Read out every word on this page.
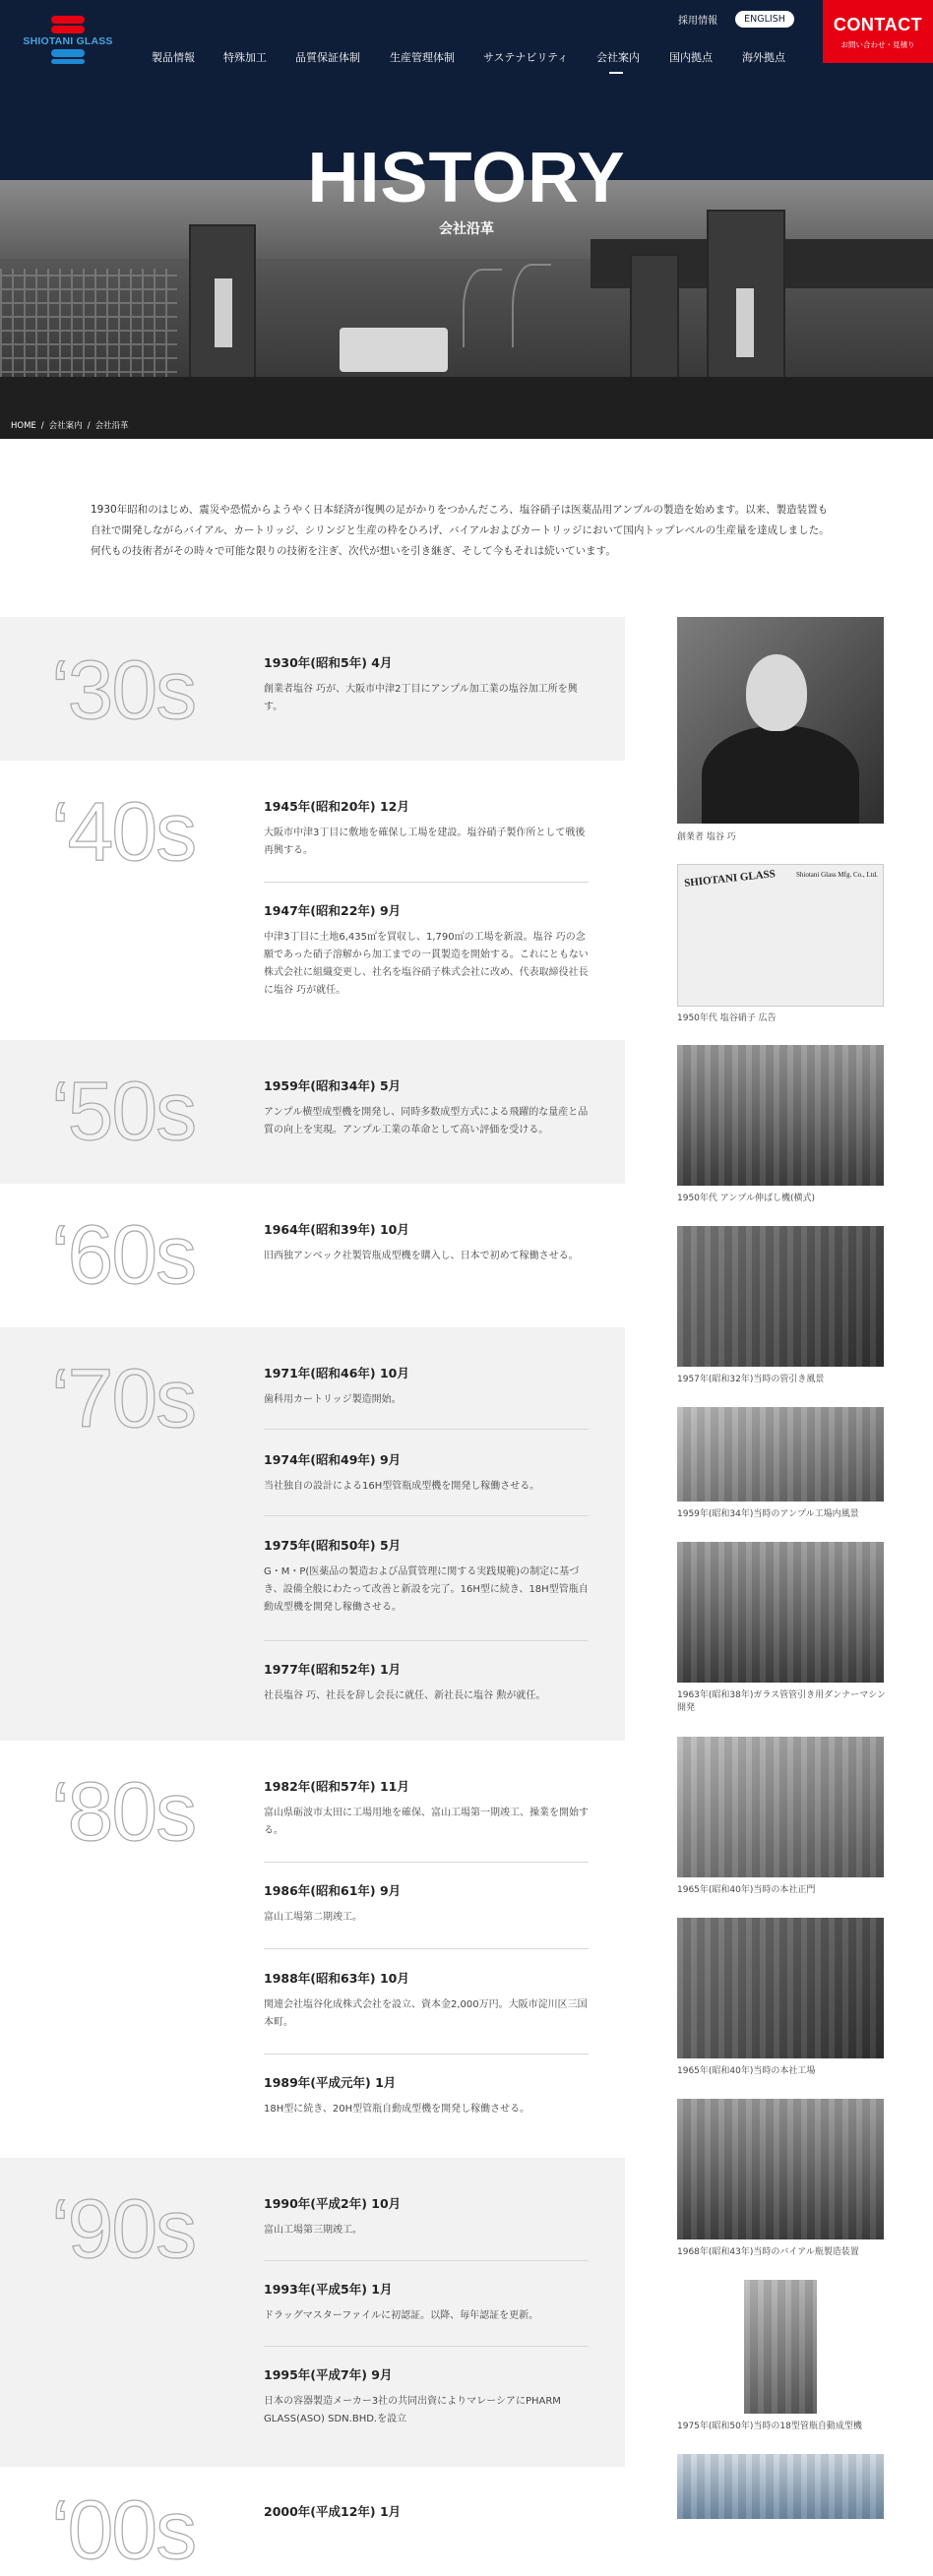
SHIOTANI GLASS
採用情報	ENGLISH	CONTACT
お問い合わせ・見積り
製品情報	特殊加工	品質保証体制	生産管理体制	サステナビリティ	会社案内	国内拠点	海外拠点
HISTORY
会社沿革
HOME / 会社案内 / 会社沿革

1930年昭和のはじめ、震災や恐慌からようやく日本経済が復興の足がかりをつかんだころ、塩谷硝子は医薬品用アンプルの製造を始めます。以来、製造装置も

自社で開発しながらバイアル、カートリッジ、シリンジと生産の枠をひろげ、バイアルおよびカートリッジにおいて国内トップレベルの生産量を達成しました。

何代もの技術者がその時々で可能な限りの技術を注ぎ、次代が想いを引き継ぎ、そして今もそれは続いています。

‘30s	1930年(昭和5年) 4月
創業者塩谷 巧が、大阪市中津2丁目にアンプル加工業の塩谷加工所を興す。
‘40s	1945年(昭和20年) 12月
大阪市中津3丁目に敷地を確保し工場を建設。塩谷硝子製作所として戦後再興する。
1947年(昭和22年) 9月
中津3丁目に土地6,435㎡を買収し、1,790㎡の工場を新設。塩谷 巧の念願であった硝子溶解から加工までの一貫製造を開始する。これにともない株式会社に組織変更し、社名を塩谷硝子株式会社に改め、代表取締役社長に塩谷 巧が就任。
‘50s	1959年(昭和34年) 5月
アンプル横型成型機を開発し、同時多数成型方式による飛躍的な量産と品質の向上を実現。アンプル工業の革命として高い評価を受ける。
‘60s	1964年(昭和39年) 10月
旧西独アンベック社製管瓶成型機を購入し、日本で初めて稼働させる。
‘70s	1971年(昭和46年) 10月
歯科用カートリッジ製造開始。
1974年(昭和49年) 9月
当社独自の設計による16H型管瓶成型機を開発し稼働させる。
1975年(昭和50年) 5月
G・M・P(医薬品の製造および品質管理に関する実践規範)の制定に基づき、設備全般にわたって改善と新設を完了。16H型に続き、18H型管瓶自動成型機を開発し稼働させる。
1977年(昭和52年) 1月
社長塩谷 巧、社長を辞し会長に就任、新社長に塩谷 勲が就任。
‘80s	1982年(昭和57年) 11月
富山県砺波市太田に工場用地を確保、富山工場第一期竣工、操業を開始する。
1986年(昭和61年) 9月
富山工場第二期竣工。
1988年(昭和63年) 10月
関連会社塩谷化成株式会社を設立、資本金2,000万円。大阪市淀川区三国本町。
1989年(平成元年) 1月
18H型に続き、20H型管瓶自動成型機を開発し稼働させる。
‘90s	1990年(平成2年) 10月
富山工場第三期竣工。
1993年(平成5年) 1月
ドラッグマスターファイルに初認証。以降、毎年認証を更新。
1995年(平成7年) 9月
日本の容器製造メーカー3社の共同出資によりマレーシアにPHARM GLASS(ASO) SDN.BHD.を設立
‘00s	2000年(平成12年) 1月
創業者 塩谷 巧
SHIOTANI GLASS	Shiotani Glass Mfg. Co., Ltd.
1950年代 塩谷硝子 広告
1950年代 アンプル伸ばし機(横式)
1957年(昭和32年)当時の管引き風景
1959年(昭和34年)当時のアンプル工場内風景
1963年(昭和38年)ガラス管管引き用ダンナーマシン開発
1965年(昭和40年)当時の本社正門
1965年(昭和40年)当時の本社工場
1968年(昭和43年)当時のバイアル瓶製造装置
1975年(昭和50年)当時の18型管瓶自動成型機
